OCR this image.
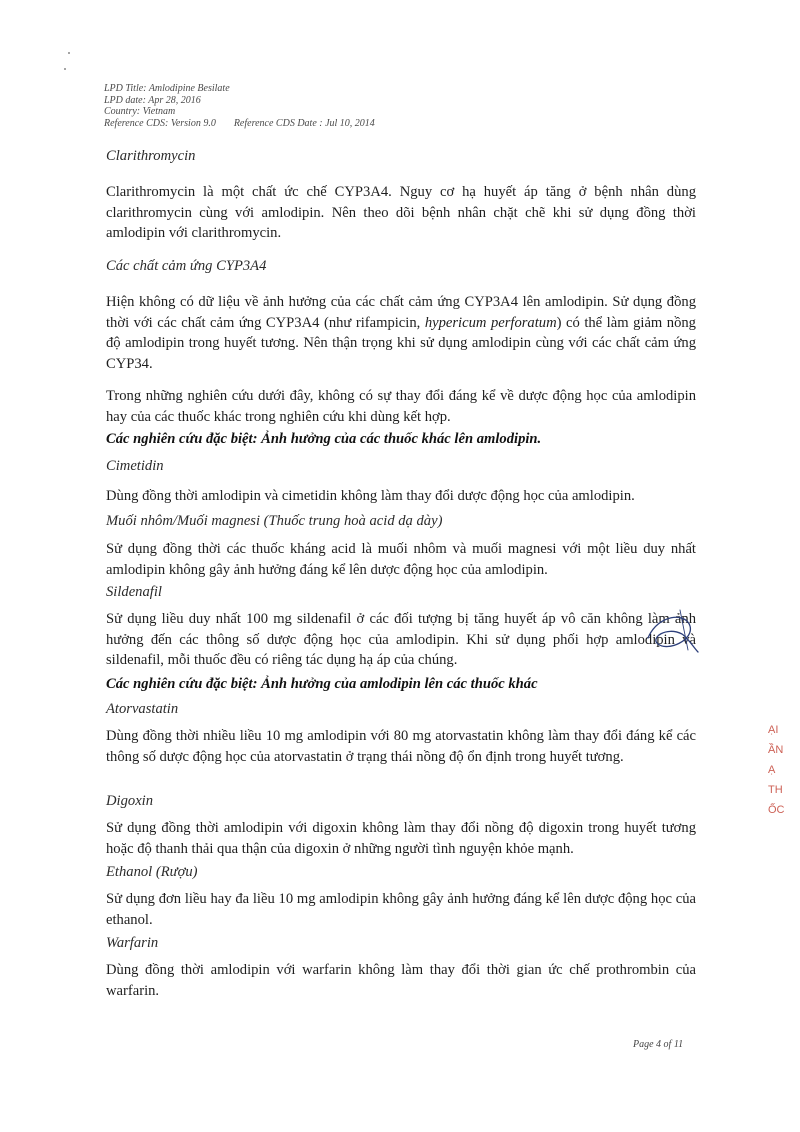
LPD Title: Amlodipine Besilate
LPD date: Apr 28, 2016
Country: Vietnam
Reference CDS: Version 9.0 Reference CDS Date : Jul 10, 2014
Clarithromycin
Clarithromycin là một chất ức chế CYP3A4. Nguy cơ hạ huyết áp tăng ở bệnh nhân dùng clarithromycin cùng với amlodipin. Nên theo dõi bệnh nhân chặt chẽ khi sử dụng đồng thời amlodipin với clarithromycin.
Các chất cảm ứng CYP3A4
Hiện không có dữ liệu về ảnh hưởng của các chất cảm ứng CYP3A4 lên amlodipin. Sử dụng đồng thời với các chất cảm ứng CYP3A4 (như rifampicin, hypericum perforatum) có thể làm giảm nồng độ amlodipin trong huyết tương. Nên thận trọng khi sử dụng amlodipin cùng với các chất cảm ứng CYP34.
Trong những nghiên cứu dưới đây, không có sự thay đổi đáng kể về dược động học của amlodipin hay của các thuốc khác trong nghiên cứu khi dùng kết hợp.
Các nghiên cứu đặc biệt: Ảnh hưởng của các thuốc khác lên amlodipin.
Cimetidin
Dùng đồng thời amlodipin và cimetidin không làm thay đổi dược động học của amlodipin.
Muối nhôm/Muối magnesi (Thuốc trung hoà acid dạ dày)
Sử dụng đồng thời các thuốc kháng acid là muối nhôm và muối magnesi với một liều duy nhất amlodipin không gây ảnh hưởng đáng kể lên dược động học của amlodipin.
Sildenafil
Sử dụng liều duy nhất 100 mg sildenafil ở các đối tượng bị tăng huyết áp vô căn không làm ảnh hưởng đến các thông số dược động học của amlodipin. Khi sử dụng phối hợp amlodipin và sildenafil, mỗi thuốc đều có riêng tác dụng hạ áp của chúng.
Các nghiên cứu đặc biệt: Ảnh hưởng của amlodipin lên các thuốc khác
Atorvastatin
Dùng đồng thời nhiều liều 10 mg amlodipin với 80 mg atorvastatin không làm thay đổi đáng kể các thông số dược động học của atorvastatin ở trạng thái nồng độ ổn định trong huyết tương.
Digoxin
Sử dụng đồng thời amlodipin với digoxin không làm thay đổi nồng độ digoxin trong huyết tương hoặc độ thanh thải qua thận của digoxin ở những người tình nguyện khỏe mạnh.
Ethanol (Rượu)
Sử dụng đơn liều hay đa liều 10 mg amlodipin không gây ảnh hưởng đáng kể lên dược động học của ethanol.
Warfarin
Dùng đồng thời amlodipin với warfarin không làm thay đổi thời gian ức chế prothrombin của warfarin.
ẠI
ẦN
Ạ
TH
ỐC
Page 4 of 11
